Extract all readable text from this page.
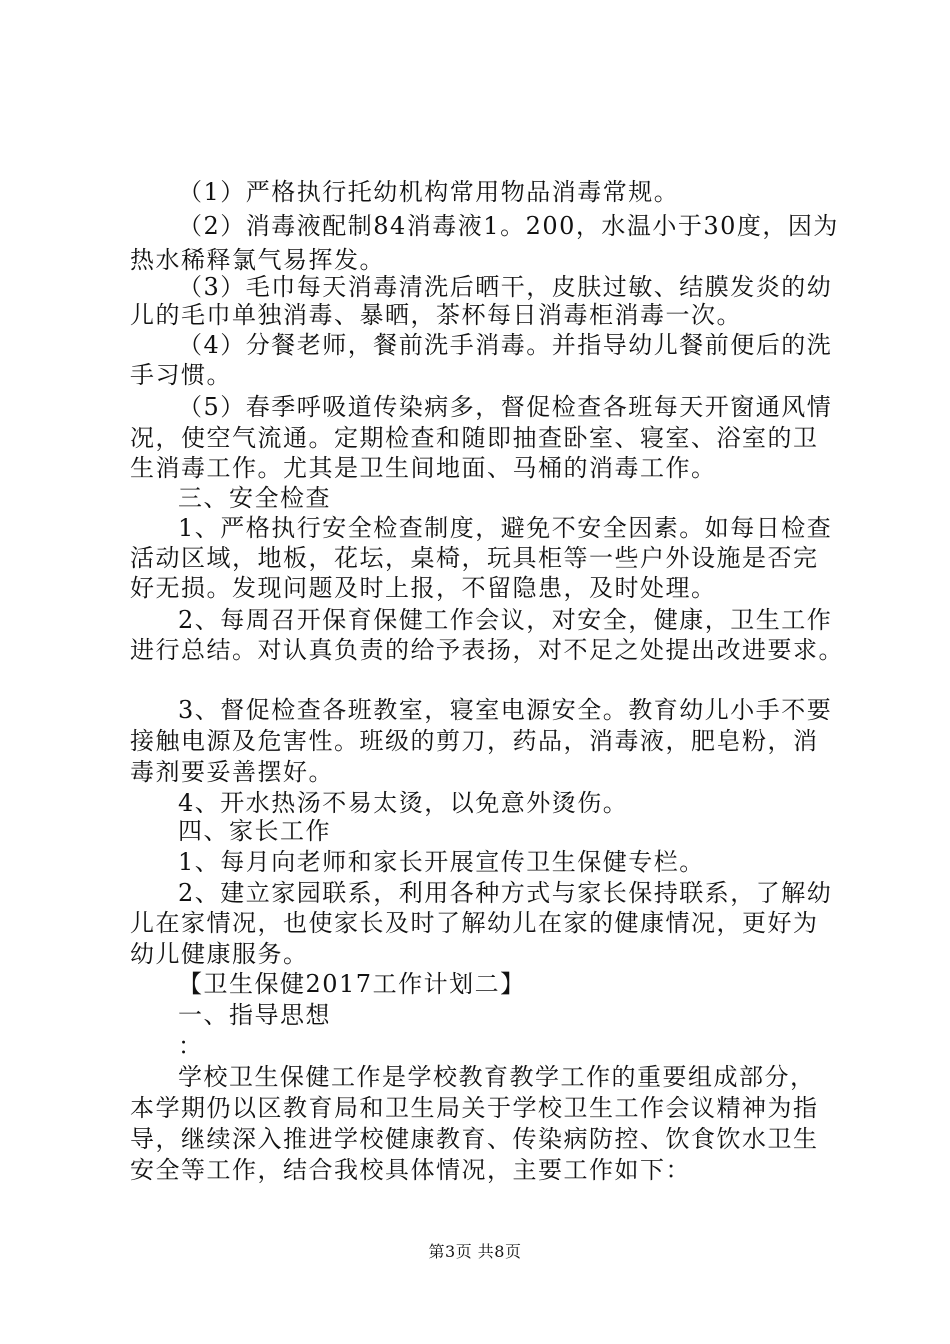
（1）严格执行托幼机构常用物品消毒常规。
（2）消毒液配制84消毒液1。200，水温小于30度，因为
热水稀释氯气易挥发。
（3）毛巾每天消毒清洗后晒干，皮肤过敏、结膜发炎的幼
儿的毛巾单独消毒、暴晒，茶杯每日消毒柜消毒一次。
（4）分餐老师，餐前洗手消毒。并指导幼儿餐前便后的洗
手习惯。
（5）春季呼吸道传染病多，督促检查各班每天开窗通风情
况，使空气流通。定期检查和随即抽查卧室、寝室、浴室的卫
生消毒工作。尤其是卫生间地面、马桶的消毒工作。
三、安全检查
1、严格执行安全检查制度，避免不安全因素。如每日检查
活动区域，地板，花坛，桌椅，玩具柜等一些户外设施是否完
好无损。发现问题及时上报，不留隐患，及时处理。
2、每周召开保育保健工作会议，对安全，健康，卫生工作
进行总结。对认真负责的给予表扬，对不足之处提出改进要求。
3、督促检查各班教室，寝室电源安全。教育幼儿小手不要
接触电源及危害性。班级的剪刀，药品，消毒液，肥皂粉，消
毒剂要妥善摆好。
4、开水热汤不易太烫，以免意外烫伤。
四、家长工作
1、每月向老师和家长开展宣传卫生保健专栏。
2、建立家园联系，利用各种方式与家长保持联系，了解幼
儿在家情况，也使家长及时了解幼儿在家的健康情况，更好为
幼儿健康服务。
【卫生保健2017工作计划二】
一、指导思想
：
学校卫生保健工作是学校教育教学工作的重要组成部分，
本学期仍以区教育局和卫生局关于学校卫生工作会议精神为指
导，继续深入推进学校健康教育、传染病防控、饮食饮水卫生
安全等工作，结合我校具体情况，主要工作如下：
第3页 共8页
